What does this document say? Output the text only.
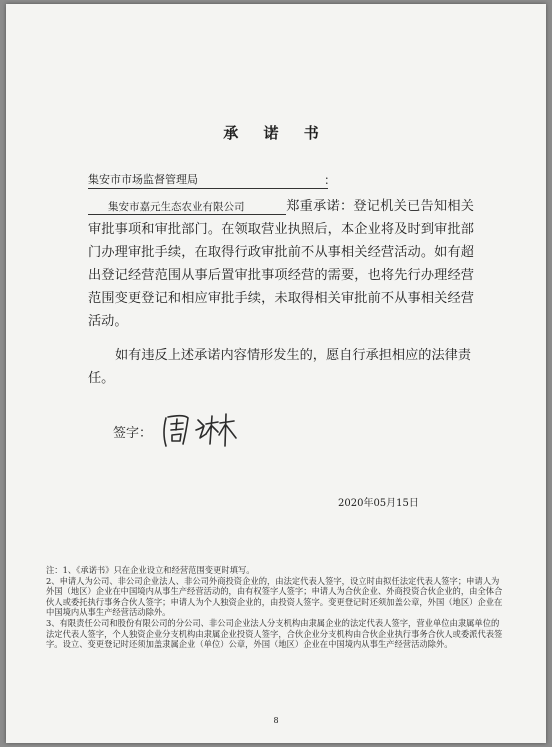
承 诺 书
集安市市场监督管理局	：
集安市嘉元生态农业有限公司	郑重承诺：登记机关已告知相关审批事项和审批部门。在领取营业执照后，本企业将及时到审批部门办理审批手续，在取得行政审批前不从事相关经营活动。如有超出登记经营范围从事后置审批事项经营的需要，也将先行办理经营范围变更登记和相应审批手续，未取得相关审批前不从事相关经营活动。
如有违反上述承诺内容情形发生的，愿自行承担相应的法律责任。
签字：
2020年05月15日

注：1、《承诺书》只在企业设立和经营范围变更时填写。

2、申请人为公司、非公司企业法人、非公司外商投资企业的，由法定代表人签字，设立时由拟任法定代表人签字；申请人为外国（地区）企业在中国境内从事生产经营活动的，由有权签字人签字；申请人为合伙企业、外商投资合伙企业的，由全体合伙人或委托执行事务合伙人签字；申请人为个人独资企业的，由投资人签字。变更登记时还须加盖公章，外国（地区）企业在中国境内从事生产经营活动除外。

3、有限责任公司和股份有限公司的分公司、非公司企业法人分支机构由隶属企业的法定代表人签字，营业单位由隶属单位的法定代表人签字，个人独资企业分支机构由隶属企业投资人签字，合伙企业分支机构由合伙企业执行事务合伙人或委派代表签字。设立、变更登记时还须加盖隶属企业（单位）公章，外国（地区）企业在中国境内从事生产经营活动除外。

8
